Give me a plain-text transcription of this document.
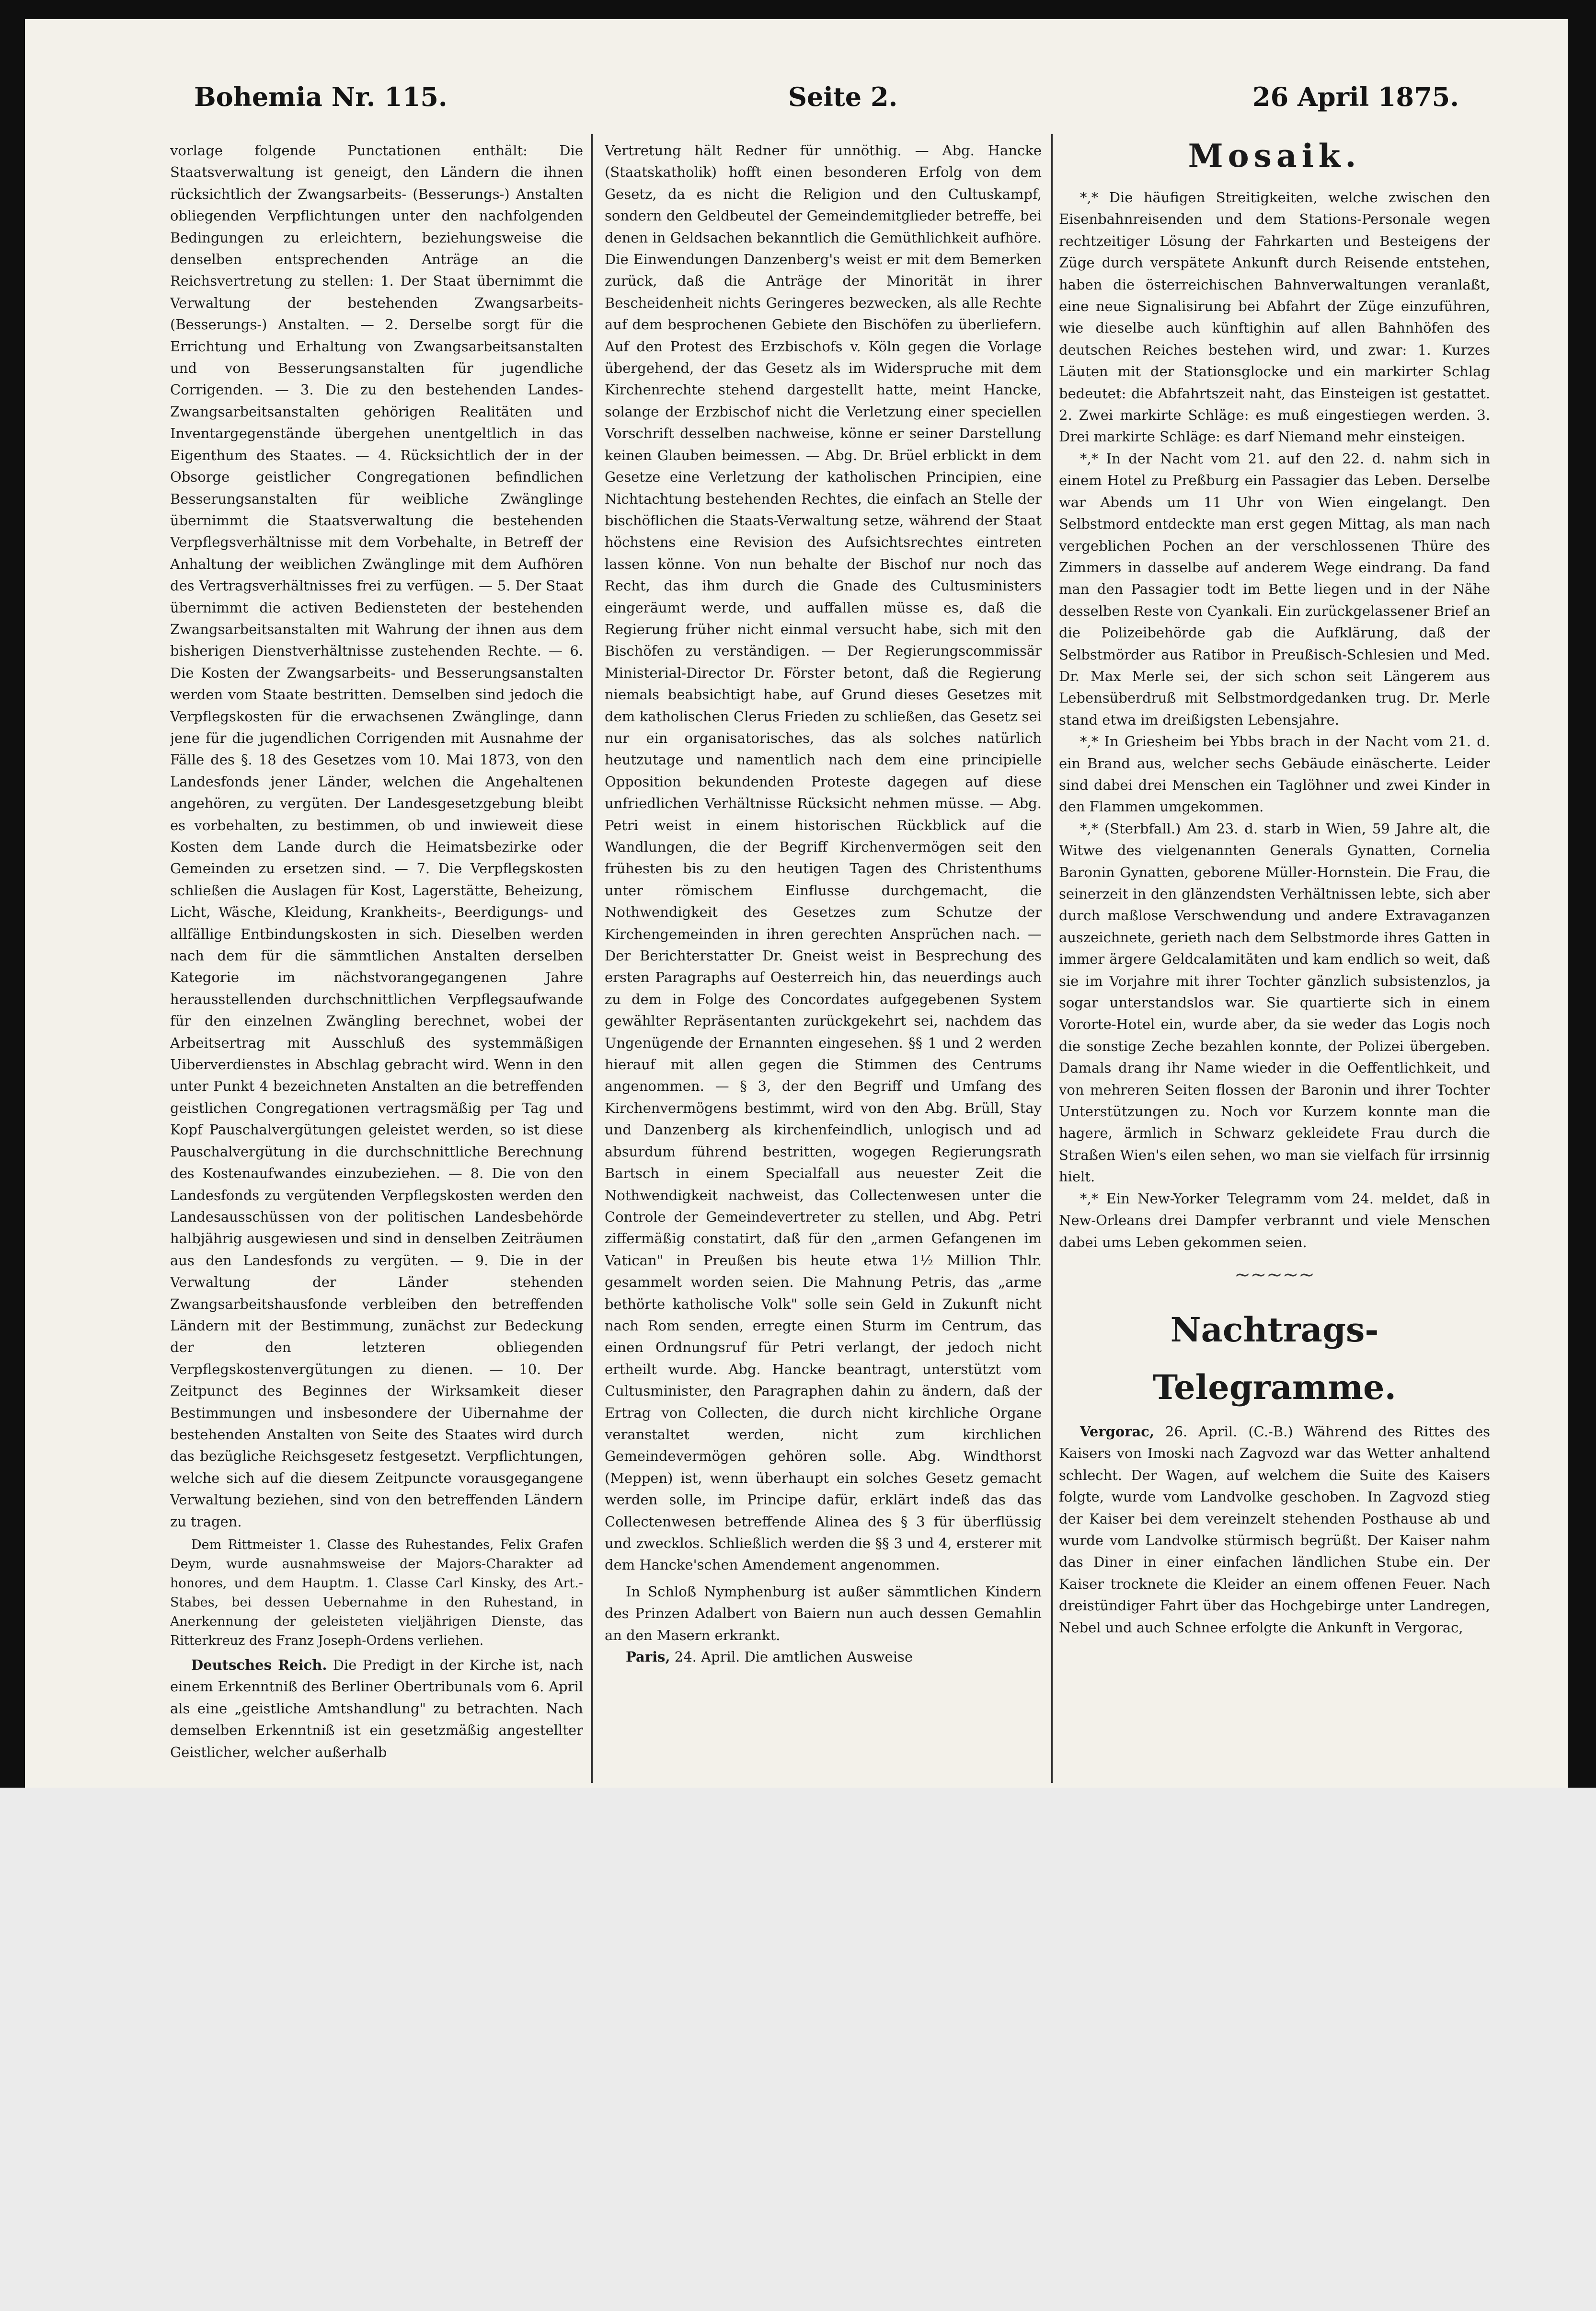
Bohemia Nr. 115.	Seite 2.	26 April 1875.

vorlage folgende Punctationen enthält: Die Staatsverwaltung ist geneigt, den Ländern die ihnen rücksichtlich der Zwangsarbeits- (Besserungs-) Anstalten obliegenden Verpflichtungen unter den nachfolgenden Bedingungen zu erleichtern, beziehungsweise die denselben entsprechenden Anträge an die Reichsvertretung zu stellen: 1. Der Staat übernimmt die Verwaltung der bestehenden Zwangsarbeits- (Besserungs-) Anstalten. — 2. Derselbe sorgt für die Errichtung und Erhaltung von Zwangsarbeitsanstalten und von Besserungsanstalten für jugendliche Corrigenden. — 3. Die zu den bestehenden Landes-Zwangsarbeitsanstalten gehörigen Realitäten und Inventargegenstände übergehen unentgeltlich in das Eigenthum des Staates. — 4. Rücksichtlich der in der Obsorge geistlicher Congregationen befindlichen Besserungsanstalten für weibliche Zwänglinge übernimmt die Staatsverwaltung die bestehenden Verpflegsverhältnisse mit dem Vorbehalte, in Betreff der Anhaltung der weiblichen Zwänglinge mit dem Aufhören des Vertragsverhältnisses frei zu verfügen. — 5. Der Staat übernimmt die activen Bediensteten der bestehenden Zwangsarbeitsanstalten mit Wahrung der ihnen aus dem bisherigen Dienstverhältnisse zustehenden Rechte. — 6. Die Kosten der Zwangsarbeits- und Besserungsanstalten werden vom Staate bestritten. Demselben sind jedoch die Verpflegskosten für die erwachsenen Zwänglinge, dann jene für die jugendlichen Corrigenden mit Ausnahme der Fälle des §. 18 des Gesetzes vom 10. Mai 1873, von den Landesfonds jener Länder, welchen die Angehaltenen angehören, zu vergüten. Der Landesgesetzgebung bleibt es vorbehalten, zu bestimmen, ob und inwieweit diese Kosten dem Lande durch die Heimatsbezirke oder Gemeinden zu ersetzen sind. — 7. Die Verpflegskosten schließen die Auslagen für Kost, Lagerstätte, Beheizung, Licht, Wäsche, Kleidung, Krankheits-, Beerdigungs- und allfällige Entbindungskosten in sich. Dieselben werden nach dem für die sämmtlichen Anstalten derselben Kategorie im nächstvorangegangenen Jahre herausstellenden durchschnittlichen Verpflegsaufwande für den einzelnen Zwängling berechnet, wobei der Arbeitsertrag mit Ausschluß des systemmäßigen Uiberverdienstes in Abschlag gebracht wird. Wenn in den unter Punkt 4 bezeichneten Anstalten an die betreffenden geistlichen Congregationen vertragsmäßig per Tag und Kopf Pauschalvergütungen geleistet werden, so ist diese Pauschalvergütung in die durchschnittliche Berechnung des Kostenaufwandes einzubeziehen. — 8. Die von den Landesfonds zu vergütenden Verpflegskosten werden den Landesausschüssen von der politischen Landesbehörde halbjährig ausgewiesen und sind in denselben Zeiträumen aus den Landesfonds zu vergüten. — 9. Die in der Verwaltung der Länder stehenden Zwangsarbeitshausfonde verbleiben den betreffenden Ländern mit der Bestimmung, zunächst zur Bedeckung der den letzteren obliegenden Verpflegskostenvergütungen zu dienen. — 10. Der Zeitpunct des Beginnes der Wirksamkeit dieser Bestimmungen und insbesondere der Uibernahme der bestehenden Anstalten von Seite des Staates wird durch das bezügliche Reichsgesetz festgesetzt. Verpflichtungen, welche sich auf die diesem Zeitpuncte vorausgegangene Verwaltung beziehen, sind von den betreffenden Ländern zu tragen.

Dem Rittmeister 1. Classe des Ruhestandes, Felix Grafen Deym, wurde ausnahmsweise der Majors-Charakter ad honores, und dem Hauptm. 1. Classe Carl Kinsky, des Art.-Stabes, bei dessen Uebernahme in den Ruhestand, in Anerkennung der geleisteten vieljährigen Dienste, das Ritterkreuz des Franz Joseph-Ordens verliehen.

Deutsches Reich. Die Predigt in der Kirche ist, nach einem Erkenntniß des Berliner Obertribunals vom 6. April als eine „geistliche Amtshandlung" zu betrachten. Nach demselben Erkenntniß ist ein gesetzmäßig angestellter Geistlicher, welcher außerhalb

Vertretung hält Redner für unnöthig. — Abg. Hancke (Staatskatholik) hofft einen besonderen Erfolg von dem Gesetz, da es nicht die Religion und den Cultuskampf, sondern den Geldbeutel der Gemeindemitglieder betreffe, bei denen in Geldsachen bekanntlich die Gemüthlichkeit aufhöre. Die Einwendungen Danzenberg's weist er mit dem Bemerken zurück, daß die Anträge der Minorität in ihrer Bescheidenheit nichts Geringeres bezwecken, als alle Rechte auf dem besprochenen Gebiete den Bischöfen zu überliefern. Auf den Protest des Erzbischofs v. Köln gegen die Vorlage übergehend, der das Gesetz als im Widerspruche mit dem Kirchenrechte stehend dargestellt hatte, meint Hancke, solange der Erzbischof nicht die Verletzung einer speciellen Vorschrift desselben nachweise, könne er seiner Darstellung keinen Glauben beimessen. — Abg. Dr. Brüel erblickt in dem Gesetze eine Verletzung der katholischen Principien, eine Nichtachtung bestehenden Rechtes, die einfach an Stelle der bischöflichen die Staats-Verwaltung setze, während der Staat höchstens eine Revision des Aufsichtsrechtes eintreten lassen könne. Von nun behalte der Bischof nur noch das Recht, das ihm durch die Gnade des Cultusministers eingeräumt werde, und auffallen müsse es, daß die Regierung früher nicht einmal versucht habe, sich mit den Bischöfen zu verständigen. — Der Regierungscommissär Ministerial-Director Dr. Förster betont, daß die Regierung niemals beabsichtigt habe, auf Grund dieses Gesetzes mit dem katholischen Clerus Frieden zu schließen, das Gesetz sei nur ein organisatorisches, das als solches natürlich heutzutage und namentlich nach dem eine principielle Opposition bekundenden Proteste dagegen auf diese unfriedlichen Verhältnisse Rücksicht nehmen müsse. — Abg. Petri weist in einem historischen Rückblick auf die Wandlungen, die der Begriff Kirchenvermögen seit den frühesten bis zu den heutigen Tagen des Christenthums unter römischem Einflusse durchgemacht, die Nothwendigkeit des Gesetzes zum Schutze der Kirchengemeinden in ihren gerechten Ansprüchen nach. — Der Berichterstatter Dr. Gneist weist in Besprechung des ersten Paragraphs auf Oesterreich hin, das neuerdings auch zu dem in Folge des Concordates aufgegebenen System gewählter Repräsentanten zurückgekehrt sei, nachdem das Ungenügende der Ernannten eingesehen. §§ 1 und 2 werden hierauf mit allen gegen die Stimmen des Centrums angenommen. — § 3, der den Begriff und Umfang des Kirchenvermögens bestimmt, wird von den Abg. Brüll, Stay und Danzenberg als kirchenfeindlich, unlogisch und ad absurdum führend bestritten, wogegen Regierungsrath Bartsch in einem Specialfall aus neuester Zeit die Nothwendigkeit nachweist, das Collectenwesen unter die Controle der Gemeindevertreter zu stellen, und Abg. Petri ziffermäßig constatirt, daß für den „armen Gefangenen im Vatican" in Preußen bis heute etwa 1½ Million Thlr. gesammelt worden seien. Die Mahnung Petris, das „arme bethörte katholische Volk" solle sein Geld in Zukunft nicht nach Rom senden, erregte einen Sturm im Centrum, das einen Ordnungsruf für Petri verlangt, der jedoch nicht ertheilt wurde. Abg. Hancke beantragt, unterstützt vom Cultusminister, den Paragraphen dahin zu ändern, daß der Ertrag von Collecten, die durch nicht kirchliche Organe veranstaltet werden, nicht zum kirchlichen Gemeindevermögen gehören solle. Abg. Windthorst (Meppen) ist, wenn überhaupt ein solches Gesetz gemacht werden solle, im Principe dafür, erklärt indeß das das Collectenwesen betreffende Alinea des § 3 für überflüssig und zwecklos. Schließlich werden die §§ 3 und 4, ersterer mit dem Hancke'schen Amendement angenommen.

In Schloß Nymphenburg ist außer sämmtlichen Kindern des Prinzen Adalbert von Baiern nun auch dessen Gemahlin an den Masern erkrankt.

Paris, 24. April. Die amtlichen Ausweise

Mosaik.

*,* Die häufigen Streitigkeiten, welche zwischen den Eisenbahnreisenden und dem Stations-Personale wegen rechtzeitiger Lösung der Fahrkarten und Besteigens der Züge durch verspätete Ankunft durch Reisende entstehen, haben die österreichischen Bahnverwaltungen veranlaßt, eine neue Signalisirung bei Abfahrt der Züge einzuführen, wie dieselbe auch künftighin auf allen Bahnhöfen des deutschen Reiches bestehen wird, und zwar: 1. Kurzes Läuten mit der Stationsglocke und ein markirter Schlag bedeutet: die Abfahrtszeit naht, das Einsteigen ist gestattet. 2. Zwei markirte Schläge: es muß eingestiegen werden. 3. Drei markirte Schläge: es darf Niemand mehr einsteigen.

*,* In der Nacht vom 21. auf den 22. d. nahm sich in einem Hotel zu Preßburg ein Passagier das Leben. Derselbe war Abends um 11 Uhr von Wien eingelangt. Den Selbstmord entdeckte man erst gegen Mittag, als man nach vergeblichen Pochen an der verschlossenen Thüre des Zimmers in dasselbe auf anderem Wege eindrang. Da fand man den Passagier todt im Bette liegen und in der Nähe desselben Reste von Cyankali. Ein zurückgelassener Brief an die Polizeibehörde gab die Aufklärung, daß der Selbstmörder aus Ratibor in Preußisch-Schlesien und Med. Dr. Max Merle sei, der sich schon seit Längerem aus Lebensüberdruß mit Selbstmordgedanken trug. Dr. Merle stand etwa im dreißigsten Lebensjahre.

*,* In Griesheim bei Ybbs brach in der Nacht vom 21. d. ein Brand aus, welcher sechs Gebäude einäscherte. Leider sind dabei drei Menschen ein Taglöhner und zwei Kinder in den Flammen umgekommen.

*,* (Sterbfall.) Am 23. d. starb in Wien, 59 Jahre alt, die Witwe des vielgenannten Generals Gynatten, Cornelia Baronin Gynatten, geborene Müller-Hornstein. Die Frau, die seinerzeit in den glänzendsten Verhältnissen lebte, sich aber durch maßlose Verschwendung und andere Extravaganzen auszeichnete, gerieth nach dem Selbstmorde ihres Gatten in immer ärgere Geldcalamitäten und kam endlich so weit, daß sie im Vorjahre mit ihrer Tochter gänzlich subsistenzlos, ja sogar unterstandslos war. Sie quartierte sich in einem Vororte-Hotel ein, wurde aber, da sie weder das Logis noch die sonstige Zeche bezahlen konnte, der Polizei übergeben. Damals drang ihr Name wieder in die Oeffentlichkeit, und von mehreren Seiten flossen der Baronin und ihrer Tochter Unterstützungen zu. Noch vor Kurzem konnte man die hagere, ärmlich in Schwarz gekleidete Frau durch die Straßen Wien's eilen sehen, wo man sie vielfach für irrsinnig hielt.

*,* Ein New-Yorker Telegramm vom 24. meldet, daß in New-Orleans drei Dampfer verbrannt und viele Menschen dabei ums Leben gekommen seien.

~~~~~
Nachtrags-Telegramme.

Vergorac, 26. April. (C.-B.) Während des Rittes des Kaisers von Imoski nach Zagvozd war das Wetter anhaltend schlecht. Der Wagen, auf welchem die Suite des Kaisers folgte, wurde vom Landvolke geschoben. In Zagvozd stieg der Kaiser bei dem vereinzelt stehenden Posthause ab und wurde vom Landvolke stürmisch begrüßt. Der Kaiser nahm das Diner in einer einfachen ländlichen Stube ein. Der Kaiser trocknete die Kleider an einem offenen Feuer. Nach dreistündiger Fahrt über das Hochgebirge unter Landregen, Nebel und auch Schnee erfolgte die Ankunft in Vergorac,
